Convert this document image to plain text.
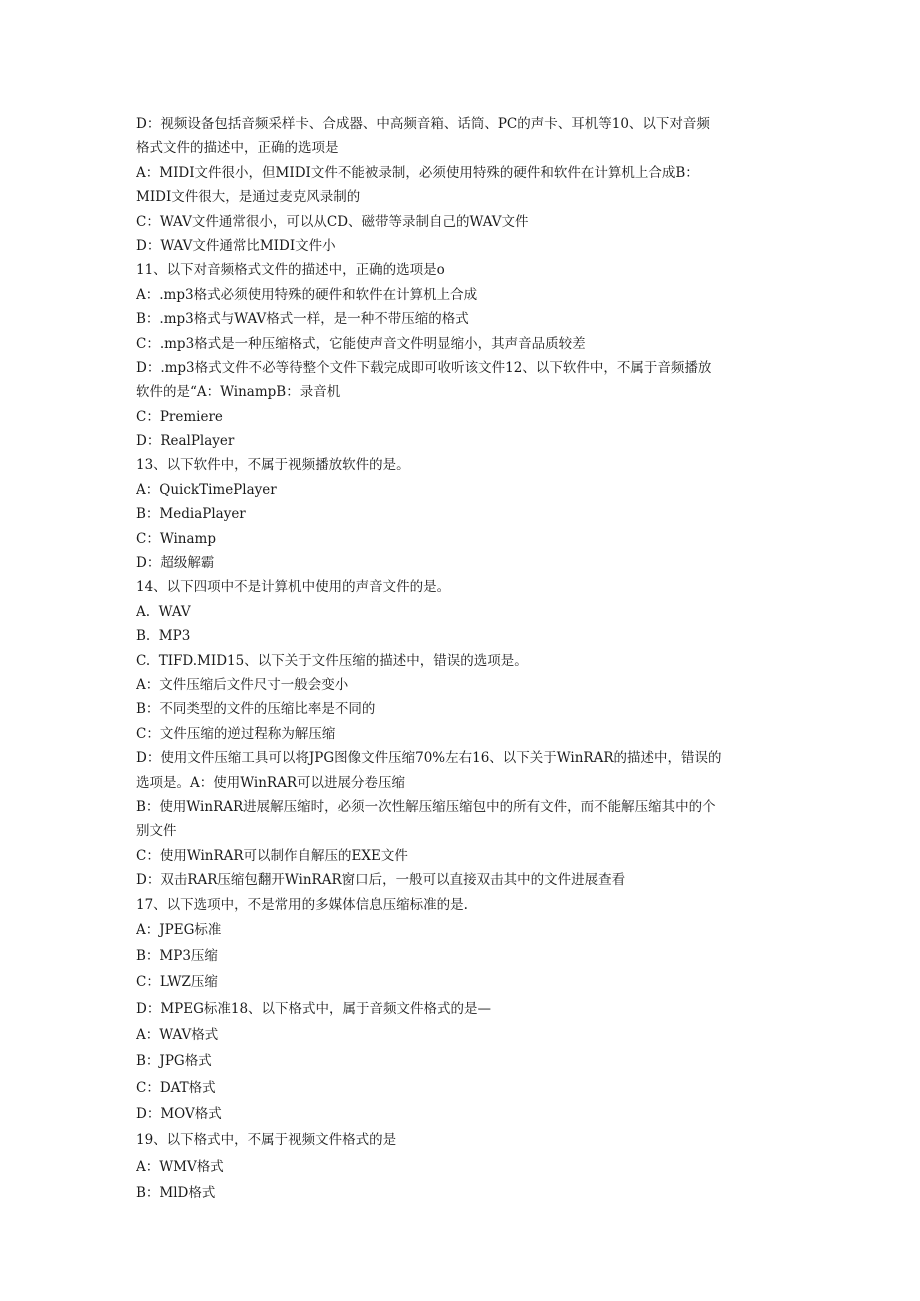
D：视频设备包括音频采样卡、合成器、中高频音箱、话筒、PC的声卡、耳机等10、以下对音频
格式文件的描述中，正确的选项是
A：MIDI文件很小，但MIDI文件不能被录制，必须使用特殊的硬件和软件在计算机上合成B：
MIDI文件很大，是通过麦克风录制的
C：WAV文件通常很小，可以从CD、磁带等录制自己的WAV文件
D：WAV文件通常比MIDI文件小
11、以下对音频格式文件的描述中，正确的选项是o
A：.mp3格式必须使用特殊的硬件和软件在计算机上合成
B：.mp3格式与WAV格式一样，是一种不带压缩的格式
C：.mp3格式是一种压缩格式，它能使声音文件明显缩小，其声音品质较差
D：.mp3格式文件不必等待整个文件下载完成即可收听该文件12、以下软件中，不属于音频播放
软件的是“A：WinampB：录音机
C：Premiere
D：RealPlayer
13、以下软件中，不属于视频播放软件的是。
A：QuickTimePlayer
B：MediaPlayer
C：Winamp
D：超级解霸
14、以下四项中不是计算机中使用的声音文件的是。
A.  WAV
B.  MP3
C.  TIFD.MID15、以下关于文件压缩的描述中，错误的选项是。
A：文件压缩后文件尺寸一般会变小
B：不同类型的文件的压缩比率是不同的
C：文件压缩的逆过程称为解压缩
D：使用文件压缩工具可以将JPG图像文件压缩70%左右16、以下关于WinRAR的描述中，错误的
选项是。A：使用WinRAR可以进展分卷压缩
B：使用WinRAR进展解压缩时，必须一次性解压缩压缩包中的所有文件，而不能解压缩其中的个
别文件
C：使用WinRAR可以制作自解压的EXE文件
D：双击RAR压缩包翻开WinRAR窗口后，一般可以直接双击其中的文件进展查看
17、以下选项中，不是常用的多媒体信息压缩标准的是.
A：JPEG标准
B：MP3压缩
C：LWZ压缩
D：MPEG标准18、以下格式中，属于音频文件格式的是—
A：WAV格式
B：JPG格式
C：DAT格式
D：MOV格式
19、以下格式中，不属于视频文件格式的是
A：WMV格式
B：MlD格式
